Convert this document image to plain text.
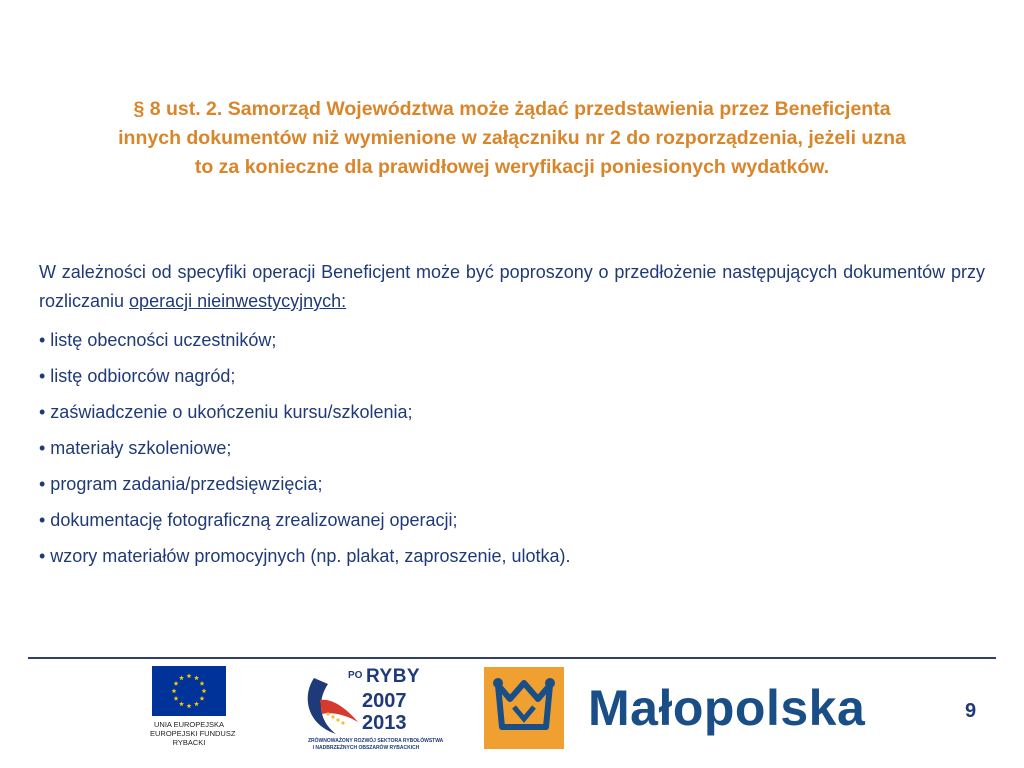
§ 8 ust. 2. Samorząd Województwa może żądać przedstawienia przez Beneficjenta
innych dokumentów niż wymienione w załączniku nr 2 do rozporządzenia, jeżeli uzna
to za konieczne dla prawidłowej weryfikacji poniesionych wydatków.

W zależności od specyfiki operacji Beneficjent może być poproszony o przedłożenie następujących dokumentów przy rozliczaniu operacji nieinwestycyjnych:

• listę obecności uczestników;
• listę odbiorców nagród;
• zaświadczenie o ukończeniu kursu/szkolenia;
• materiały szkoleniowe;
• program zadania/przedsięwzięcia;
• dokumentację fotograficzną zrealizowanej operacji;
• wzory materiałów promocyjnych (np. plakat, zaproszenie, ulotka).
UNIA EUROPEJSKA
EUROPEJSKI FUNDUSZ
RYBACKI
PO RYBY
2007
2013
ZRÓWNOWAŻONY ROZWÓJ SEKTORA RYBOŁÓWSTWA
I NADBRZEŻNYCH OBSZARÓW RYBACKICH
Małopolska	9
